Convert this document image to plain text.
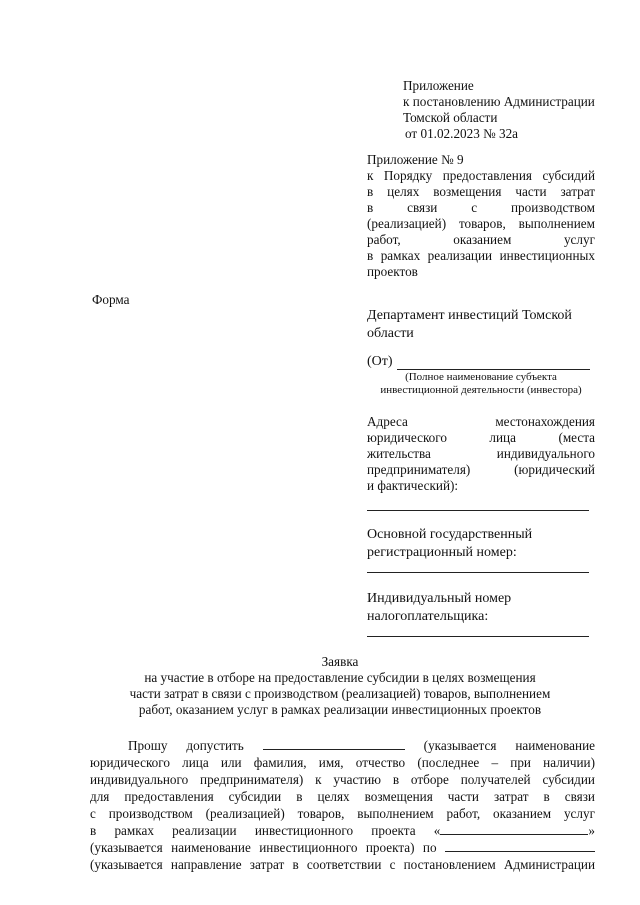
Приложение
к постановлению Администрации
Томской области
от 01.02.2023 № 32а
Приложение № 9
к Порядку предоставления субсидий
в целях возмещения части затрат
в связи с производством
(реализацией) товаров, выполнением
работ, оказанием услуг
в рамках реализации инвестиционных
проектов
Форма
Департамент инвестиций Томской
области
(От)
(Полное наименование субъекта
инвестиционной деятельности (инвестора)
Адреса местонахождения
юридического лица (места
жительства индивидуального
предпринимателя) (юридический
и фактический):
Основной государственный
регистрационный номер:
Индивидуальный номер
налогоплательщика:
Заявка
на участие в отборе на предоставление субсидии в целях возмещения
части затрат в связи с производством (реализацией) товаров, выполнением
работ, оказанием услуг в рамках реализации инвестиционных проектов
Прошу допустить	(указывается наименование
юридического лица или фамилия, имя, отчество (последнее – при наличии)
индивидуального предпринимателя) к участию в отборе получателей субсидии
для предоставления субсидии в целях возмещения части затрат в связи
с производством (реализацией) товаров, выполнением работ, оказанием услуг
в рамках реализации инвестиционного проекта «	»
(указывается наименование инвестиционного проекта) по
(указывается направление затрат в соответствии с постановлением Администрации
